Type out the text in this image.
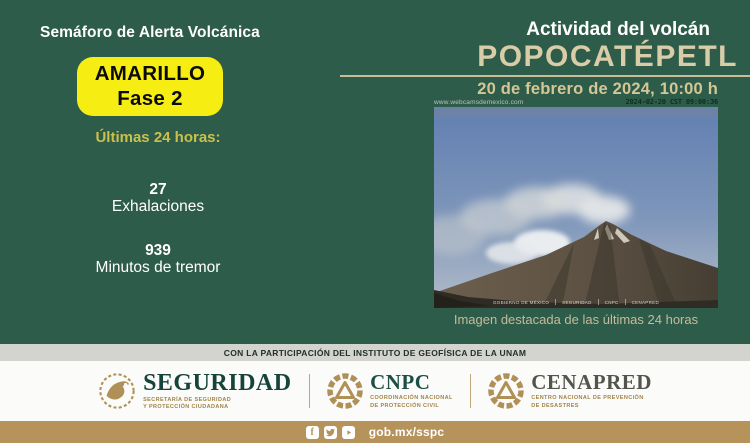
Semáforo de Alerta Volcánica
AMARILLO
Fase 2
Últimas 24 horas:
27
Exhalaciones
939
Minutos de tremor
Actividad del volcán
POPOCATÉPETL
20 de febrero de 2024, 10:00 h
www.webcamsdemexico.com	2024-02-20 CST 09:00:36
GOBIERNO DE MÉXICO	SEGURIDAD	CNPC	CENAPRED
Imagen destacada de las últimas 24 horas
CON LA PARTICIPACIÓN DEL INSTITUTO DE GEOFÍSICA DE LA UNAM
SEGURIDAD
SECRETARÍA DE SEGURIDAD
Y PROTECCIÓN CIUDADANA
CNPC
COORDINACIÓN NACIONAL
DE PROTECCIÓN CIVIL
CENAPRED
CENTRO NACIONAL DE PREVENCIÓN
DE DESASTRES
f	gob.mx/sspc
